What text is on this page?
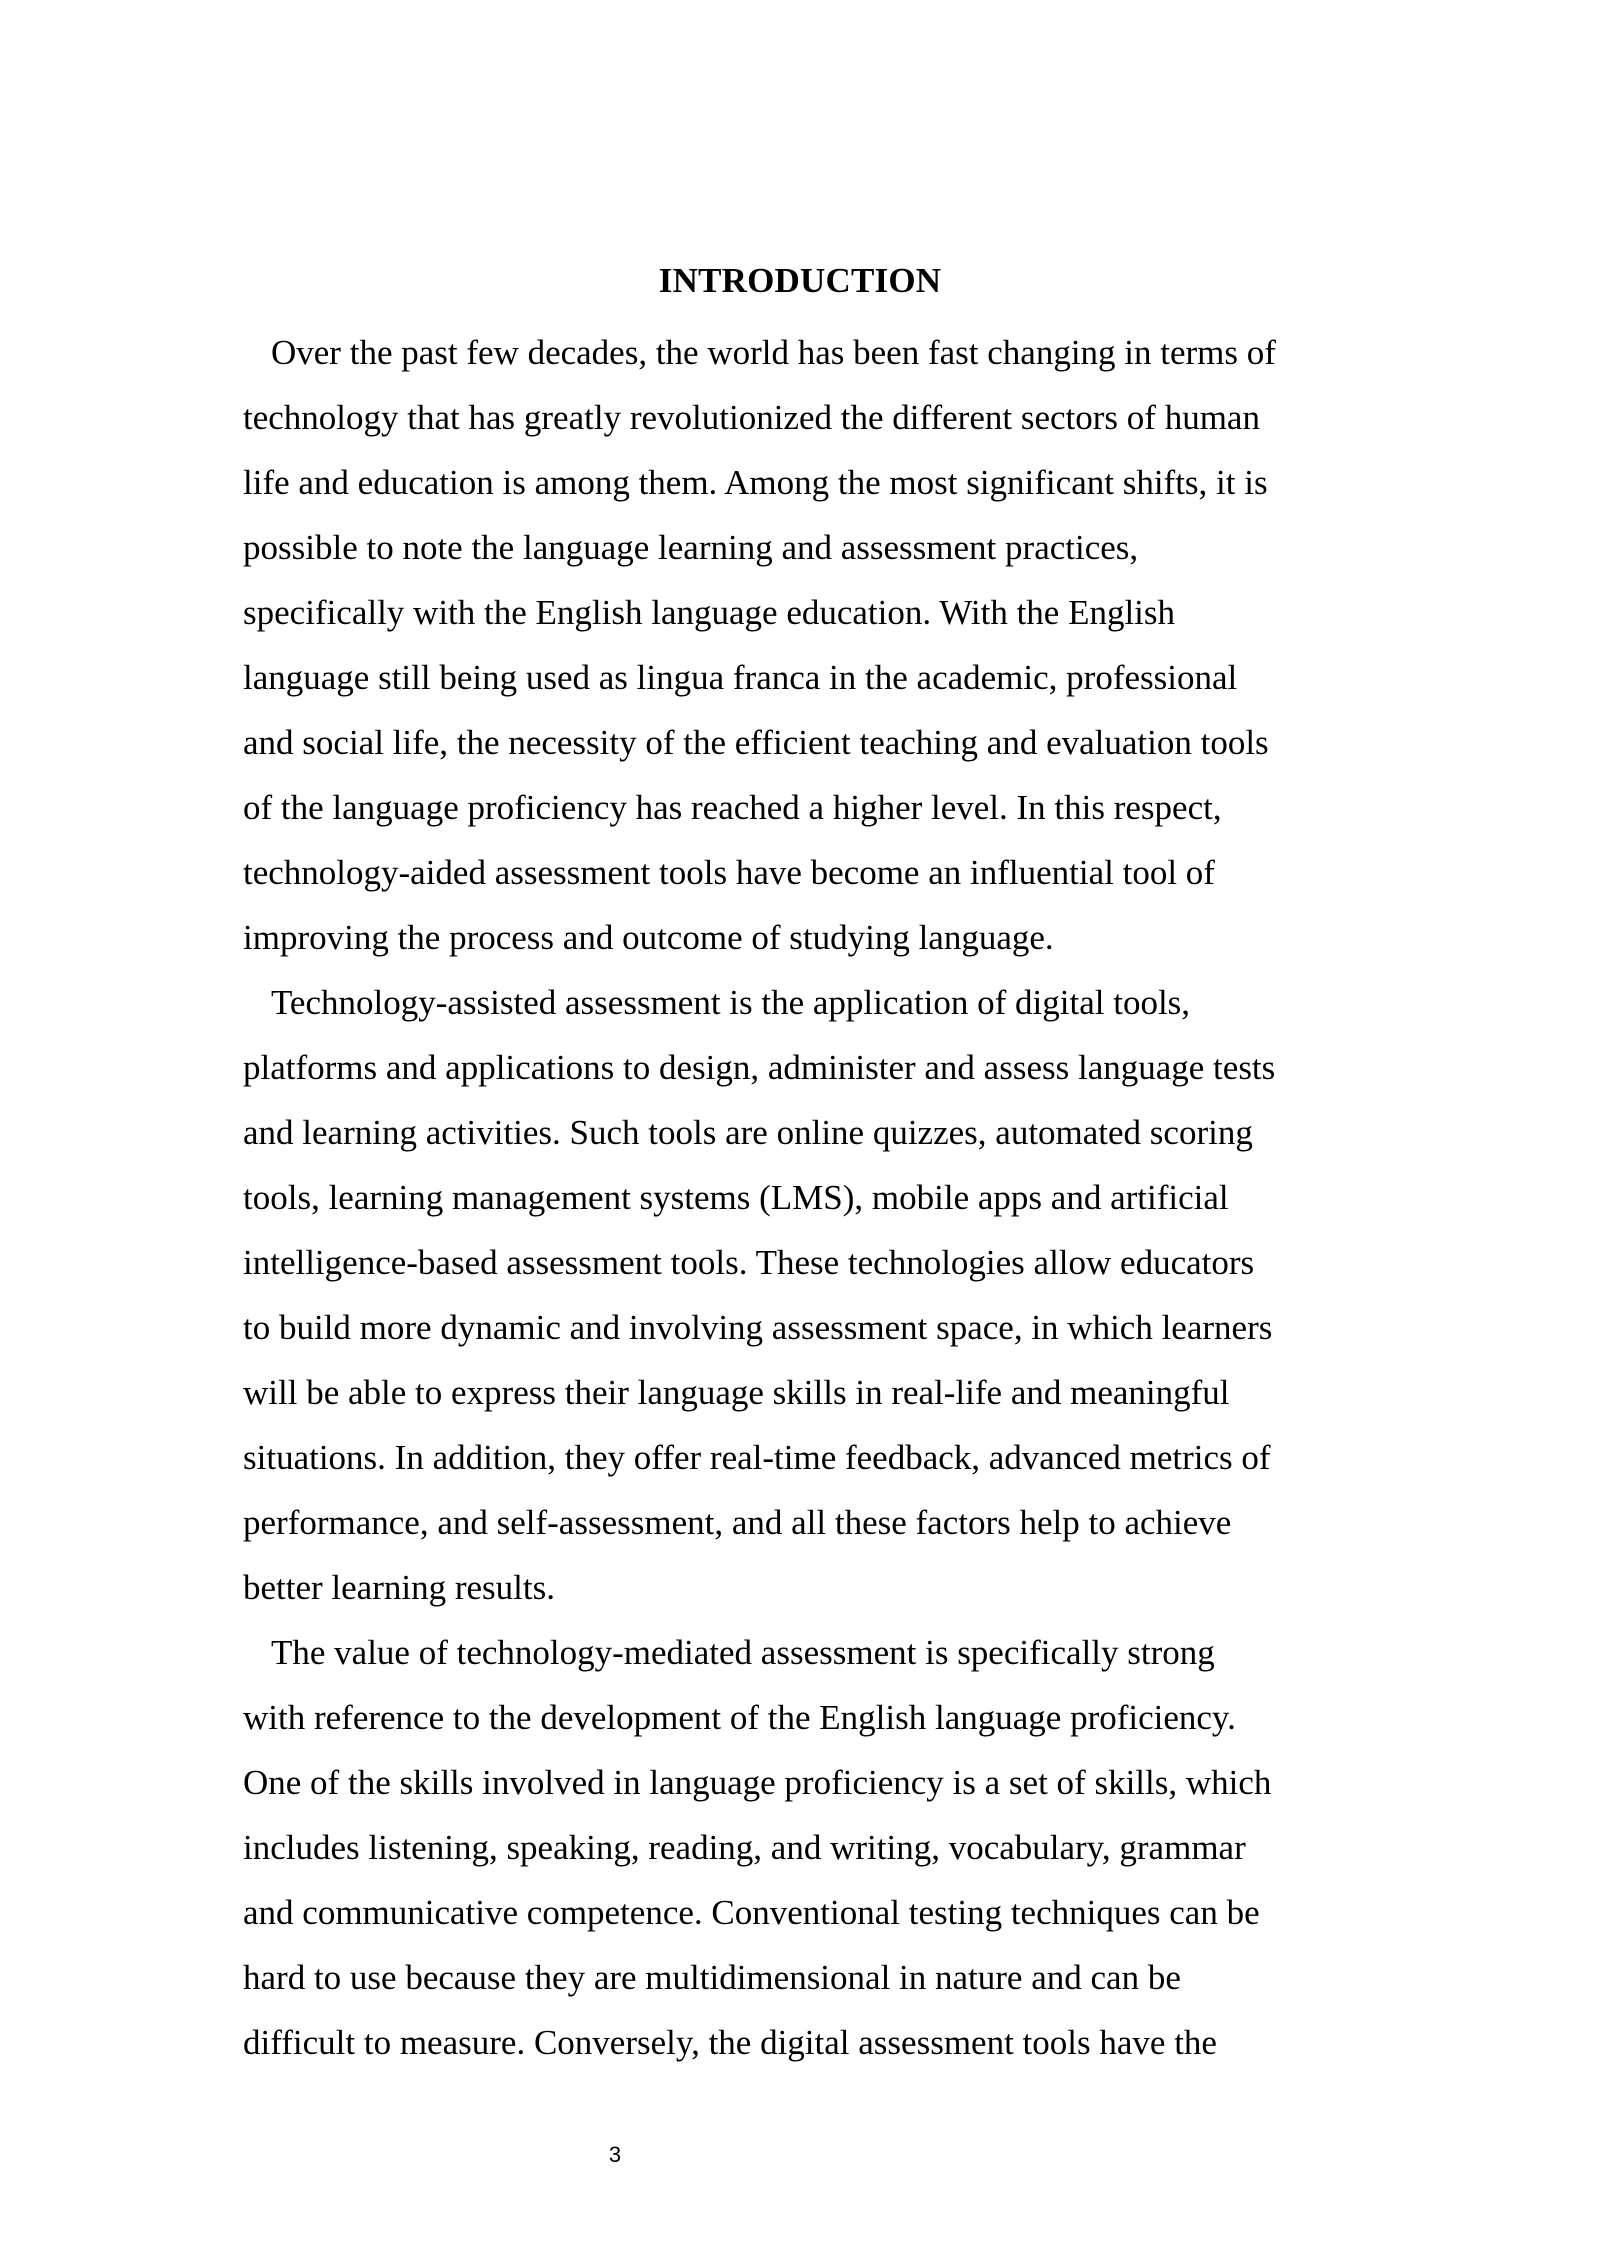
INTRODUCTION
Over the past few decades, the world has been fast changing in terms of
technology that has greatly revolutionized the different sectors of human
life and education is among them. Among the most significant shifts, it is
possible to note the language learning and assessment practices,
specifically with the English language education. With the English
language still being used as lingua franca in the academic, professional
and social life, the necessity of the efficient teaching and evaluation tools
of the language proficiency has reached a higher level. In this respect,
technology-aided assessment tools have become an influential tool of
improving the process and outcome of studying language.
Technology-assisted assessment is the application of digital tools,
platforms and applications to design, administer and assess language tests
and learning activities. Such tools are online quizzes, automated scoring
tools, learning management systems (LMS), mobile apps and artificial
intelligence-based assessment tools. These technologies allow educators
to build more dynamic and involving assessment space, in which learners
will be able to express their language skills in real-life and meaningful
situations. In addition, they offer real-time feedback, advanced metrics of
performance, and self-assessment, and all these factors help to achieve
better learning results.
The value of technology-mediated assessment is specifically strong
with reference to the development of the English language proficiency.
One of the skills involved in language proficiency is a set of skills, which
includes listening, speaking, reading, and writing, vocabulary, grammar
and communicative competence. Conventional testing techniques can be
hard to use because they are multidimensional in nature and can be
difficult to measure. Conversely, the digital assessment tools have the
3
